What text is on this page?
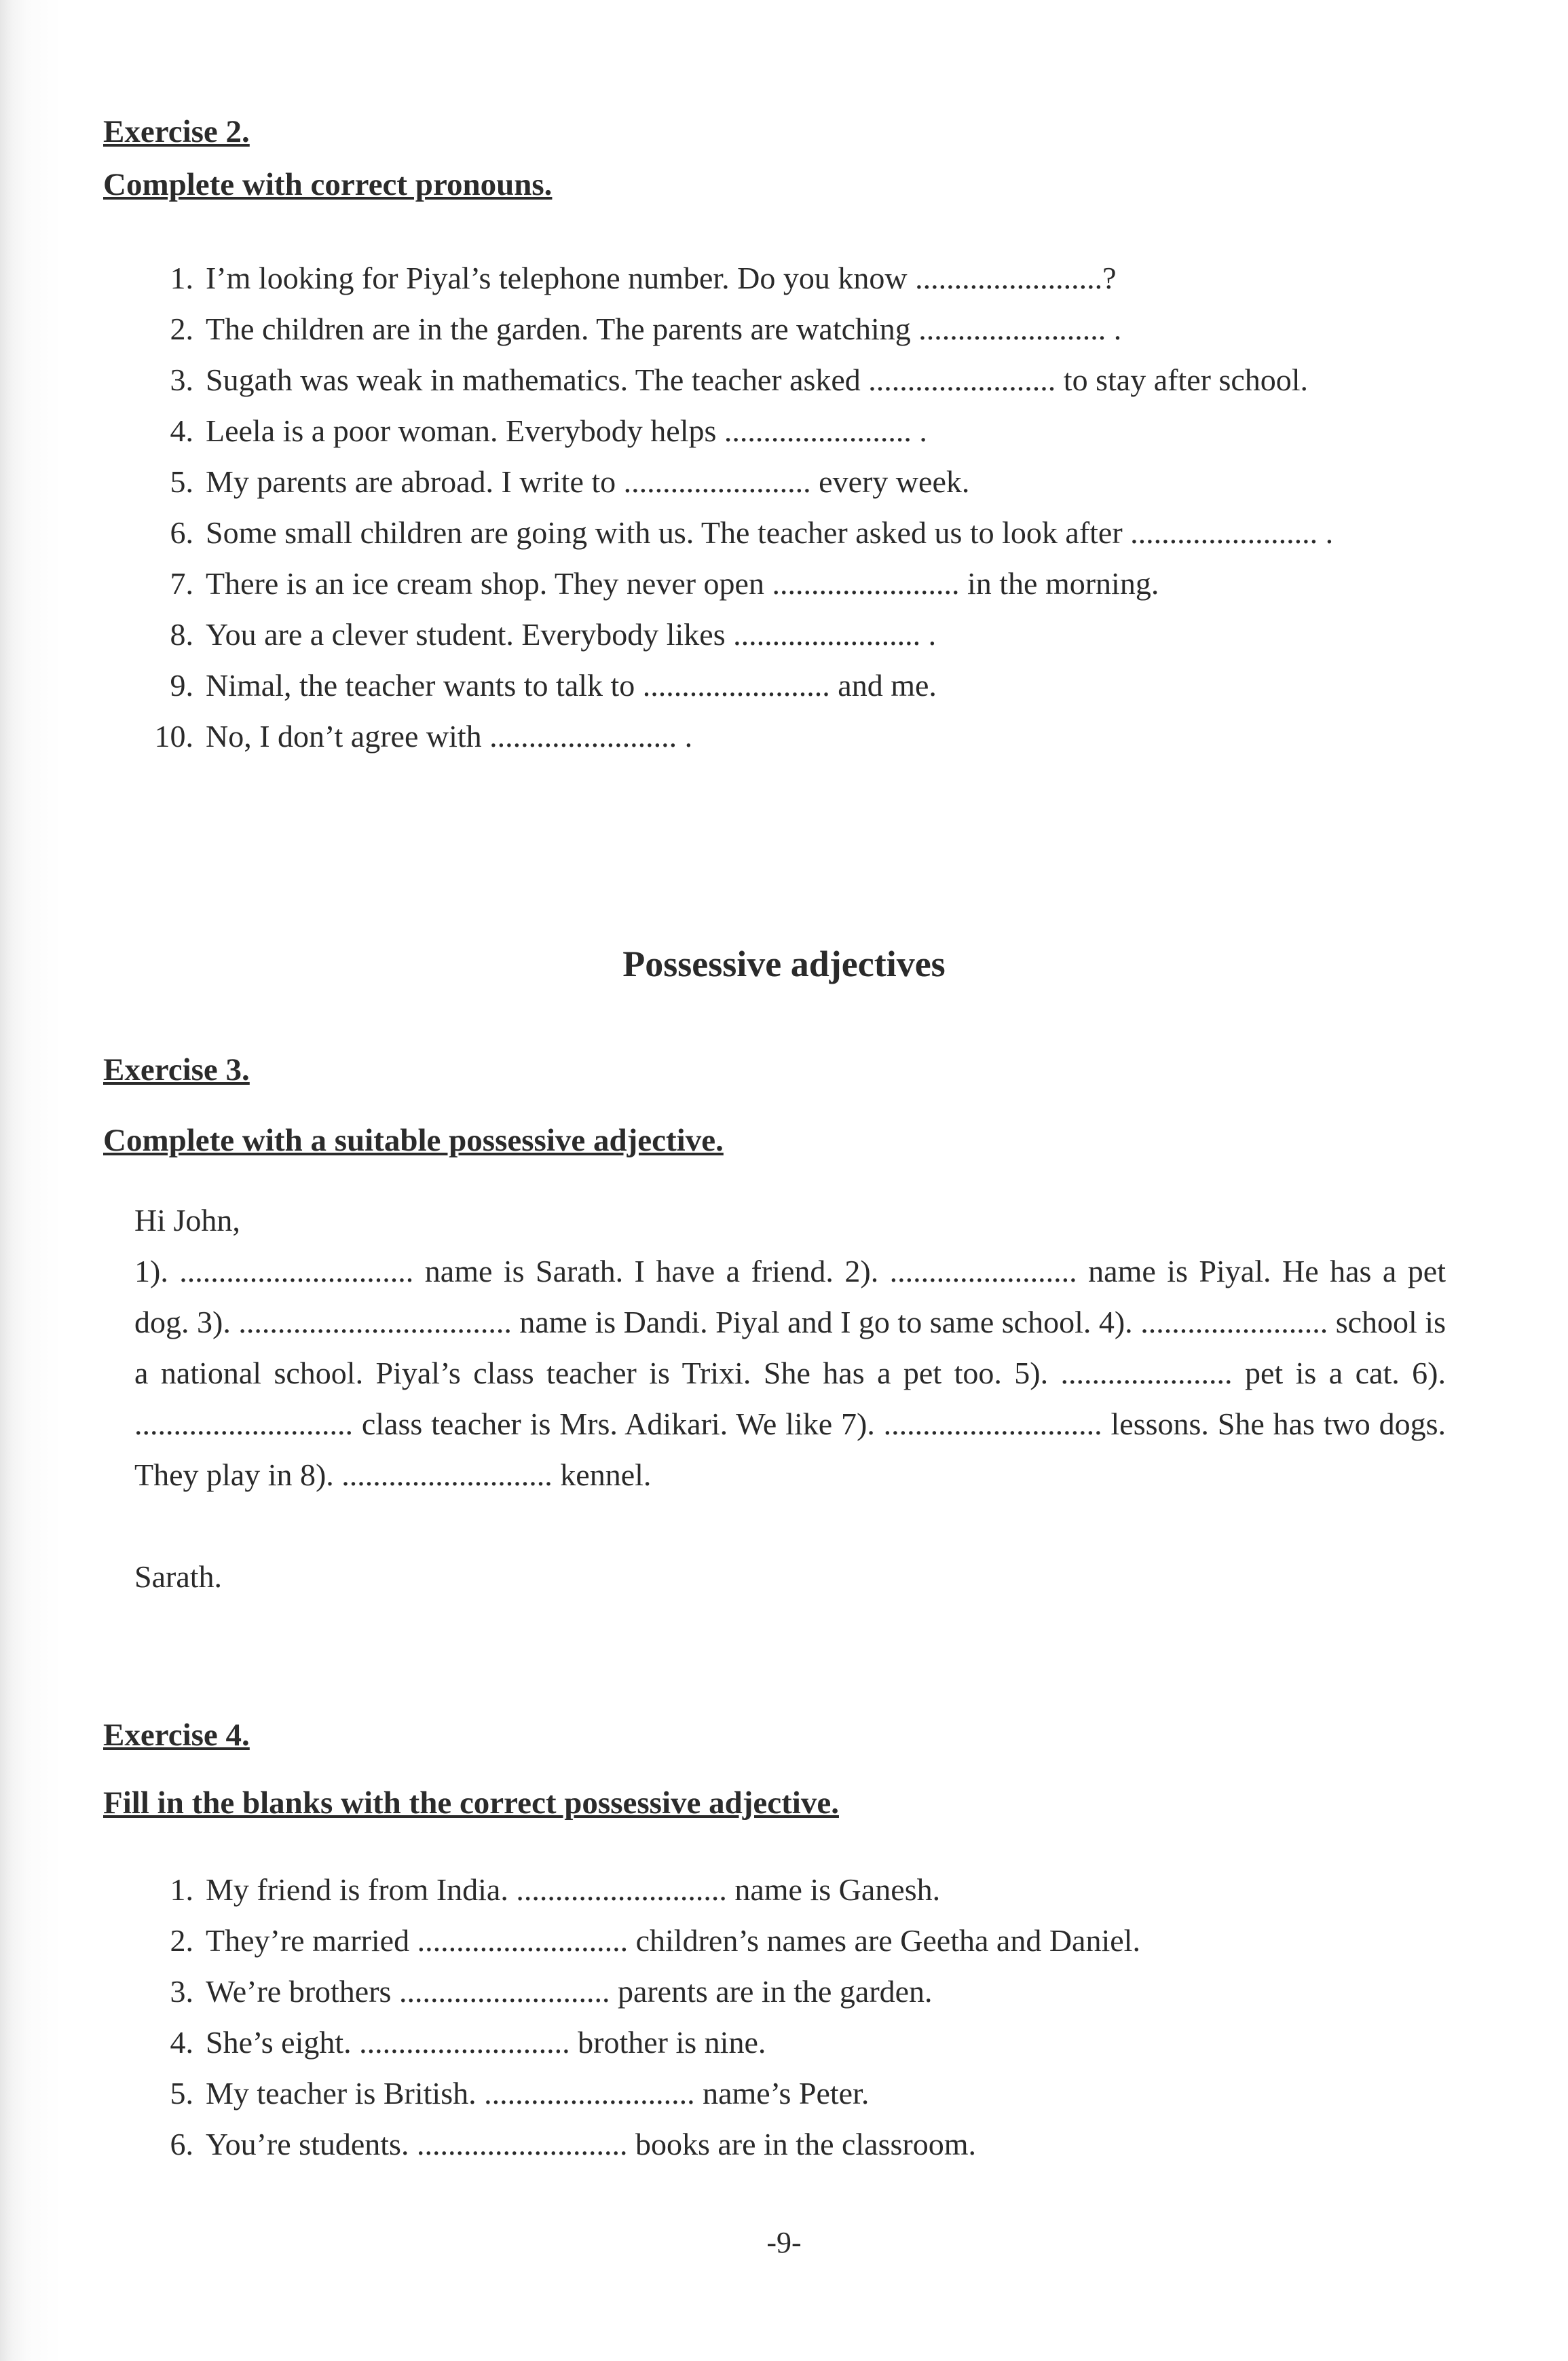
Exercise 2.
Complete with correct pronouns.
1. I’m looking for Piyal’s telephone number. Do you know ........................?
2. The children are in the garden. The parents are watching ........................ .
3. Sugath was weak in mathematics. The teacher asked ........................ to stay after school.
4. Leela is a poor woman. Everybody helps ........................ .
5. My parents are abroad. I write to ........................ every week.
6. Some small children are going with us. The teacher asked us to look after ........................ .
7. There is an ice cream shop. They never open ........................ in the morning.
8. You are a clever student. Everybody likes ........................ .
9. Nimal, the teacher wants to talk to ........................ and me.
10. No, I don’t agree with ........................ .
Possessive adjectives
Exercise 3.
Complete with a suitable possessive adjective.
Hi John,
1). .............................. name is Sarath. I have a friend. 2). ........................ name is Piyal. He has a pet dog. 3). ................................... name is Dandi. Piyal and I go to same school. 4). ........................ school is a national school. Piyal’s class teacher is Trixi. She has a pet too. 5). ...................... pet is a cat. 6). ............................ class teacher is Mrs. Adikari. We like 7). ............................ lessons. She has two dogs. They play in 8). ........................... kennel.
Sarath.
Exercise 4.
Fill in the blanks with the correct possessive adjective.
1. My friend is from India. ........................... name is Ganesh.
2. They’re married ........................... children’s names are Geetha and Daniel.
3. We’re brothers ........................... parents are in the garden.
4. She’s eight. ........................... brother is nine.
5. My teacher is British. ........................... name’s Peter.
6. You’re students. ........................... books are in the classroom.
-9-
